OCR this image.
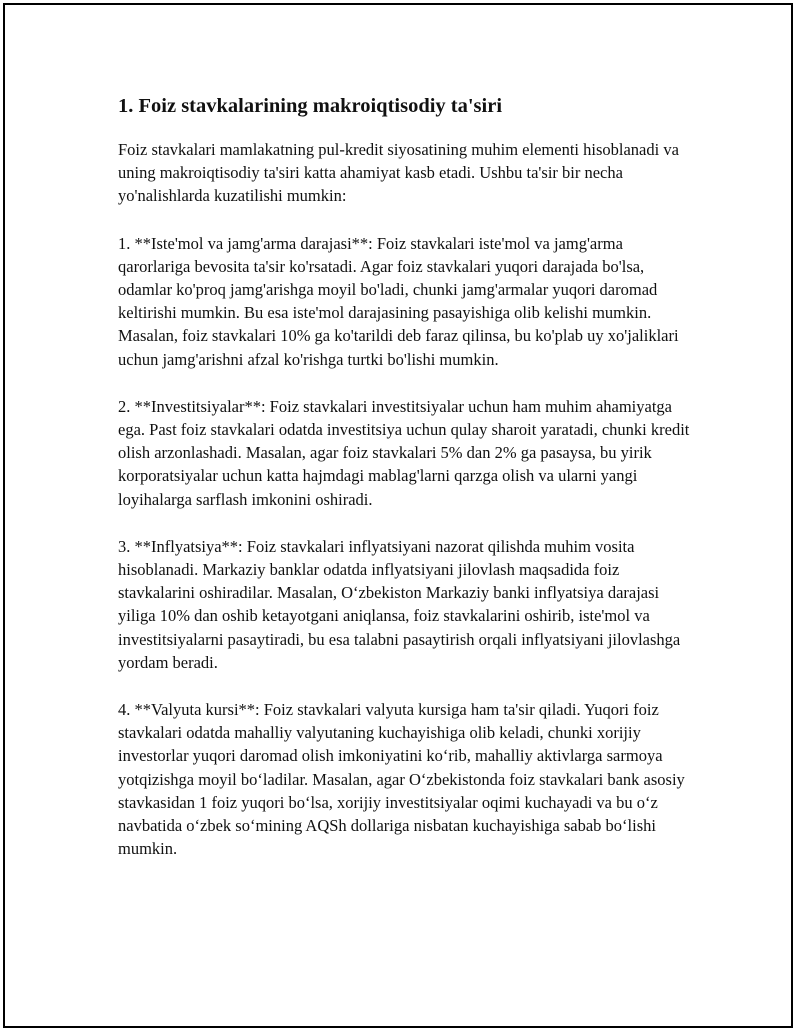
1. Foiz stavkalarining makroiqtisodiy ta'siri

Foiz stavkalari mamlakatning pul-kredit siyosatining muhim elementi hisoblanadi va uning makroiqtisodiy ta'siri katta ahamiyat kasb etadi. Ushbu ta'sir bir necha yo'nalishlarda kuzatilishi mumkin:

1. **Iste'mol va jamg'arma darajasi**: Foiz stavkalari iste'mol va jamg'arma qarorlariga bevosita ta'sir ko'rsatadi. Agar foiz stavkalari yuqori darajada bo'lsa, odamlar ko'proq jamg'arishga moyil bo'ladi, chunki jamg'armalar yuqori daromad keltirishi mumkin. Bu esa iste'mol darajasining pasayishiga olib kelishi mumkin. Masalan, foiz stavkalari 10% ga ko'tarildi deb faraz qilinsa, bu ko'plab uy xo'jaliklari uchun jamg'arishni afzal ko'rishga turtki bo'lishi mumkin.

2. **Investitsiyalar**: Foiz stavkalari investitsiyalar uchun ham muhim ahamiyatga ega. Past foiz stavkalari odatda investitsiya uchun qulay sharoit yaratadi, chunki kredit olish arzonlashadi. Masalan, agar foiz stavkalari 5% dan 2% ga pasaysa, bu yirik korporatsiyalar uchun katta hajmdagi mablag'larni qarzga olish va ularni yangi loyihalarga sarflash imkonini oshiradi.

3. **Inflyatsiya**: Foiz stavkalari inflyatsiyani nazorat qilishda muhim vosita hisoblanadi. Markaziy banklar odatda inflyatsiyani jilovlash maqsadida foiz stavkalarini oshiradilar. Masalan, O‘zbekiston Markaziy banki inflyatsiya darajasi yiliga 10% dan oshib ketayotgani aniqlansa, foiz stavkalarini oshirib, iste'mol va investitsiyalarni pasaytiradi, bu esa talabni pasaytirish orqali inflyatsiyani jilovlashga yordam beradi.

4. **Valyuta kursi**: Foiz stavkalari valyuta kursiga ham ta'sir qiladi. Yuqori foiz stavkalari odatda mahalliy valyutaning kuchayishiga olib keladi, chunki xorijiy investorlar yuqori daromad olish imkoniyatini ko‘rib, mahalliy aktivlarga sarmoya yotqizishga moyil bo‘ladilar. Masalan, agar O‘zbekistonda foiz stavkalari bank asosiy stavkasidan 1 foiz yuqori bo‘lsa, xorijiy investitsiyalar oqimi kuchayadi va bu o‘z navbatida o‘zbek so‘mining AQSh dollariga nisbatan kuchayishiga sabab bo‘lishi mumkin.
